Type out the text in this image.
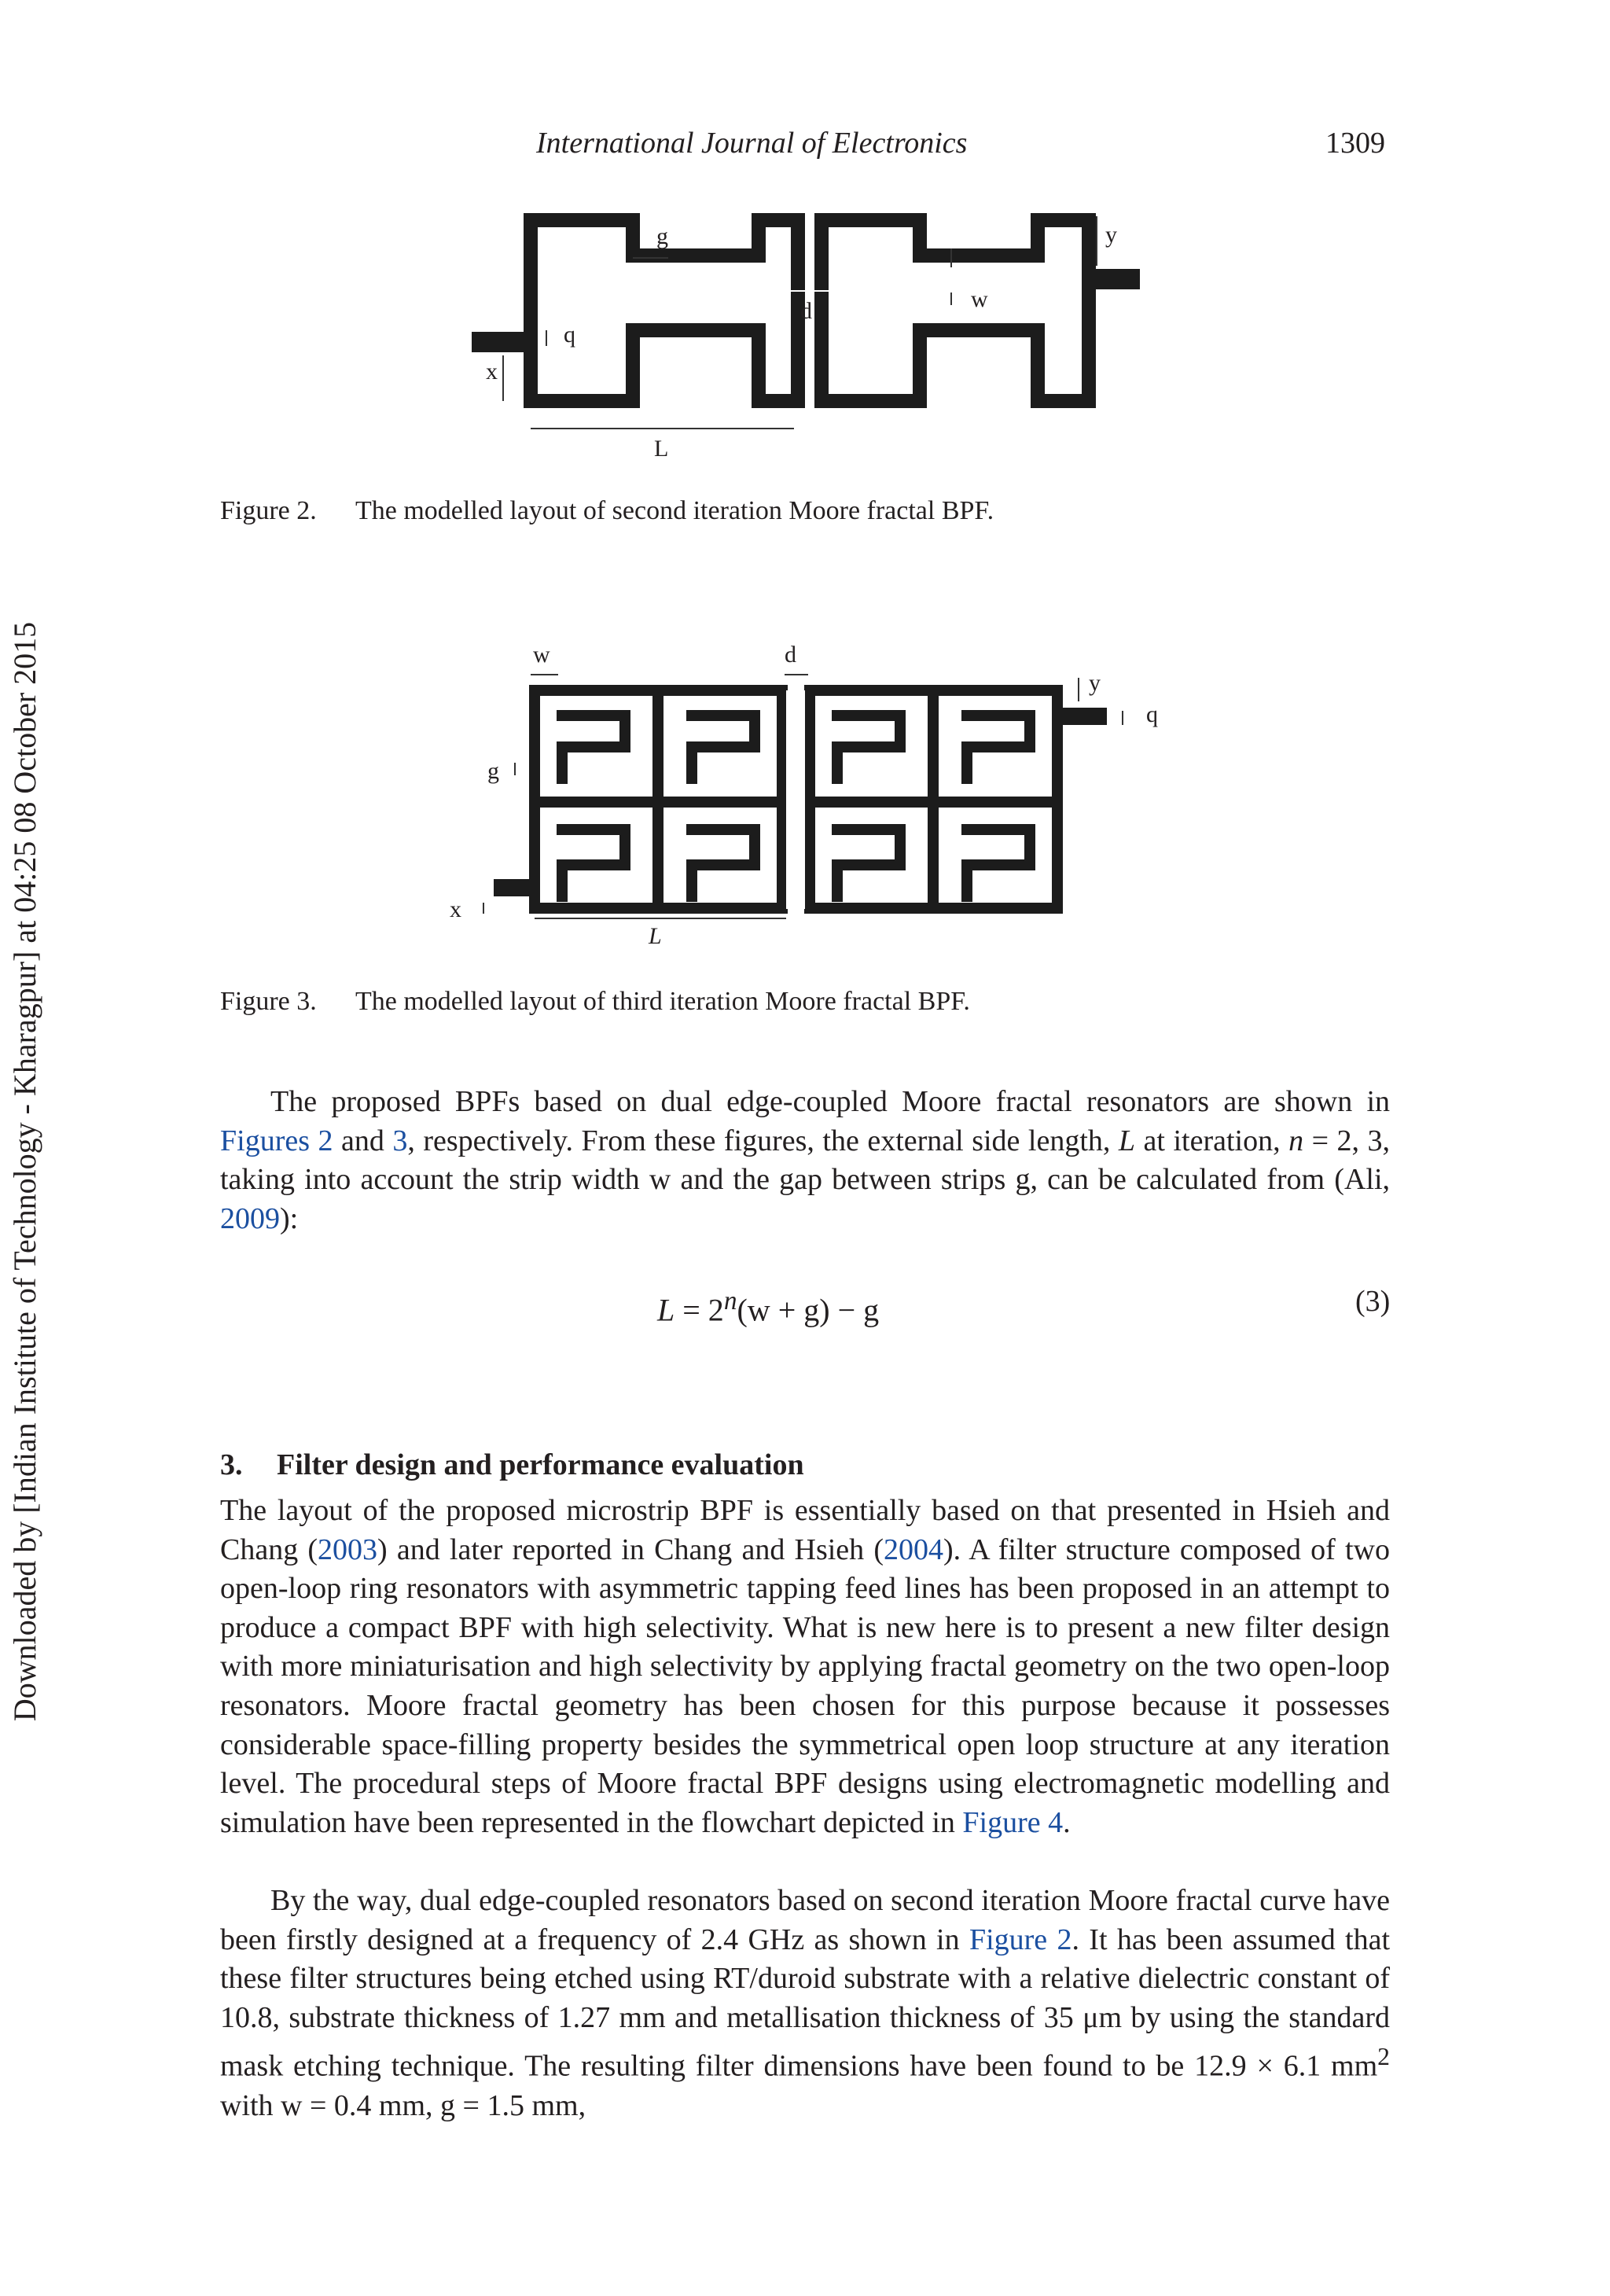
International Journal of Electronics	1309
Downloaded by [Indian Institute of Technology - Kharagpur] at 04:25 08 October 2015
g	y
d	w
q
x
L
Figure 2. The modelled layout of second iteration Moore fractal BPF.
w	d
y
q
g
x
L
Figure 3. The modelled layout of third iteration Moore fractal BPF.
The proposed BPFs based on dual edge-coupled Moore fractal resonators are shown in Figures 2 and 3, respectively. From these figures, the external side length, L at iteration, n = 2, 3, taking into account the strip width w and the gap between strips g, can be calculated from (Ali, 2009):
$L = 2^n(w + g) - g$	(3)
3. Filter design and performance evaluation
The layout of the proposed microstrip BPF is essentially based on that presented in Hsieh and Chang (2003) and later reported in Chang and Hsieh (2004). A filter structure composed of two open-loop ring resonators with asymmetric tapping feed lines has been proposed in an attempt to produce a compact BPF with high selectivity. What is new here is to present a new filter design with more miniaturisation and high selectivity by applying fractal geometry on the two open-loop resonators. Moore fractal geometry has been chosen for this purpose because it possesses considerable space-filling property besides the symmetrical open loop structure at any iteration level. The procedural steps of Moore fractal BPF designs using electromagnetic modelling and simulation have been represented in the flowchart depicted in Figure 4.
By the way, dual edge-coupled resonators based on second iteration Moore fractal curve have been firstly designed at a frequency of 2.4 GHz as shown in Figure 2. It has been assumed that these filter structures being etched using RT/duroid substrate with a relative dielectric constant of 10.8, substrate thickness of 1.27 mm and metallisation thickness of 35 μm by using the standard mask etching technique. The resulting filter dimensions have been found to be 12.9 × 6.1 $mm^2$ with w = 0.4 mm, g = 1.5 mm,
